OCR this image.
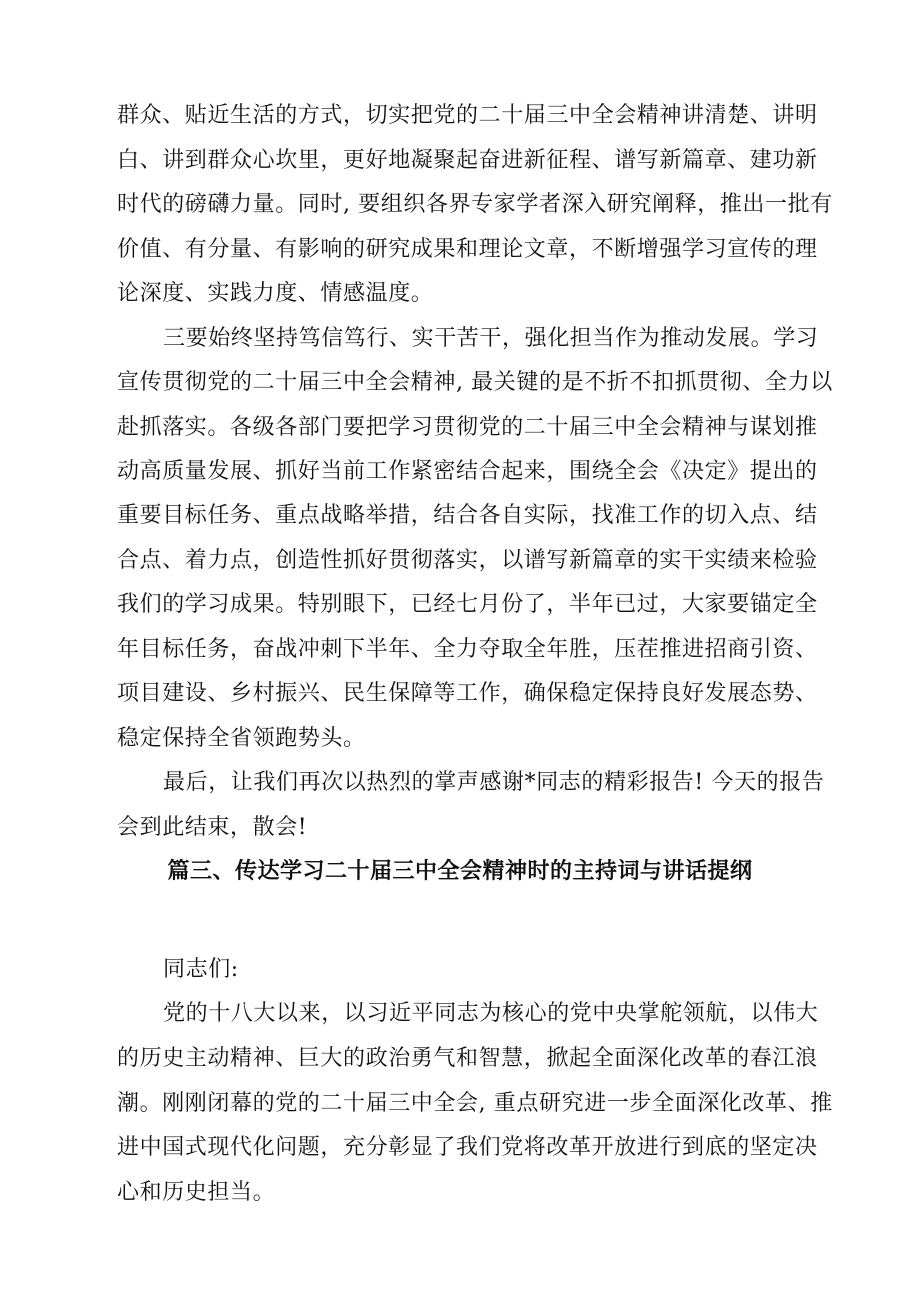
群众、贴近生活的方式，切实把党的二十届三中全会精神讲清楚、讲明
白、讲到群众心坎里，更好地凝聚起奋进新征程、谱写新篇章、建功新
时代的磅礴力量。同时, 要组织各界专家学者深入研究阐释，推出一批有
价值、有分量、有影响的研究成果和理论文章，不断增强学习宣传的理
论深度、实践力度、情感温度。
三要始终坚持笃信笃行、实干苦干，强化担当作为推动发展。学习
宣传贯彻党的二十届三中全会精神, 最关键的是不折不扣抓贯彻、全力以
赴抓落实。各级各部门要把学习贯彻党的二十届三中全会精神与谋划推
动高质量发展、抓好当前工作紧密结合起来，围绕全会《决定》提出的
重要目标任务、重点战略举措，结合各自实际，找准工作的切入点、结
合点、着力点，创造性抓好贯彻落实，以谱写新篇章的实干实绩来检验
我们的学习成果。特别眼下，已经七月份了，半年已过，大家要锚定全
年目标任务，奋战冲刺下半年、全力夺取全年胜，压茬推进招商引资、
项目建设、乡村振兴、民生保障等工作，确保稳定保持良好发展态势、
稳定保持全省领跑势头。
最后，让我们再次以热烈的掌声感谢*同志的精彩报告! 今天的报告
会到此结束，散会!
篇三、传达学习二十届三中全会精神时的主持词与讲话提纲
同志们:
党的十八大以来，以习近平同志为核心的党中央掌舵领航，以伟大
的历史主动精神、巨大的政治勇气和智慧，掀起全面深化改革的春江浪
潮。刚刚闭幕的党的二十届三中全会, 重点研究进一步全面深化改革、推
进中国式现代化问题，充分彰显了我们党将改革开放进行到底的坚定决
心和历史担当。
